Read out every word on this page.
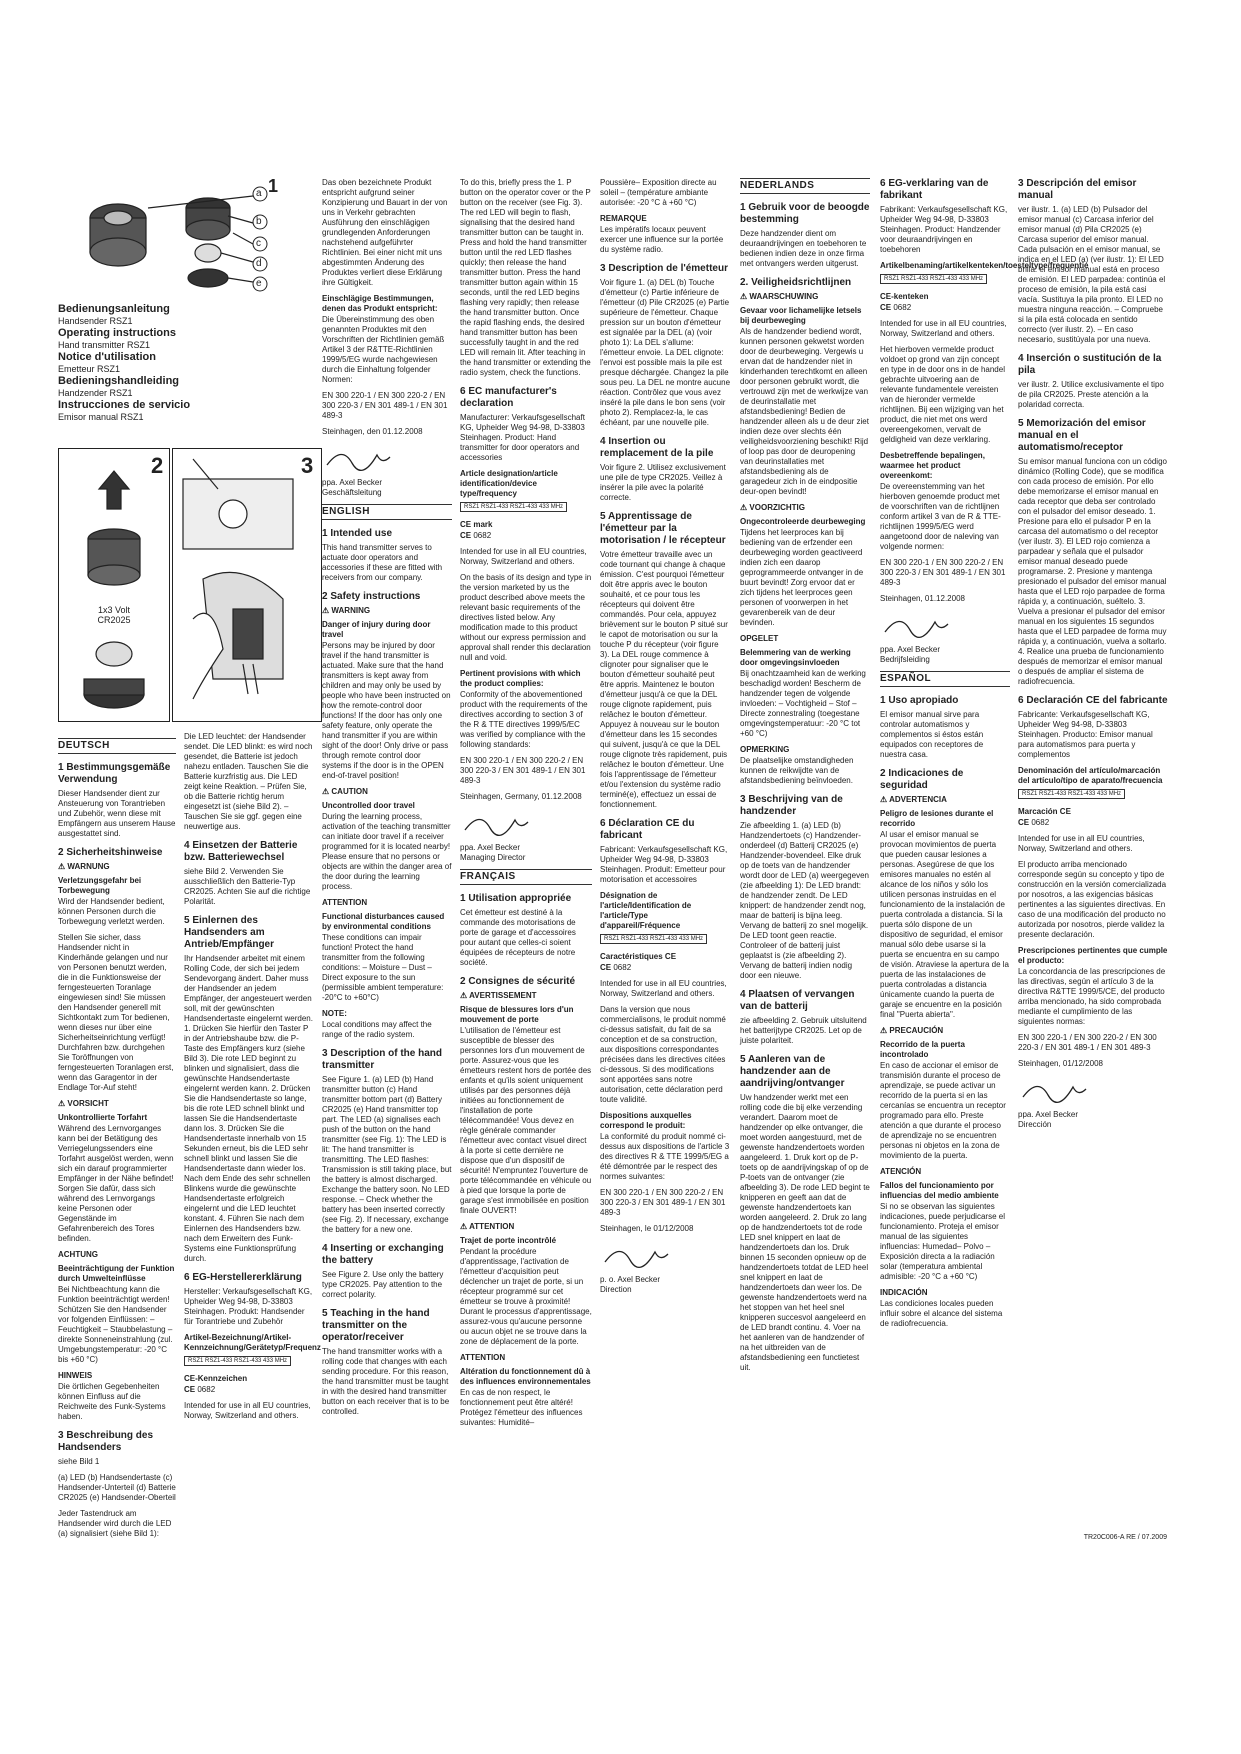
1
a
b
c
d
e
Bedienungsanleitung
Handsender RSZ1
Operating instructions
Hand transmitter RSZ1
Notice d'utilisation
Emetteur RSZ1
Bedieningshandleiding
Handzender RSZ1
Instrucciones de servicio
Emisor manual RSZ1
2
1x3 Volt
CR2025
3
DEUTSCH
1 Bestimmungsgemäße Verwendung

Dieser Handsender dient zur Ansteuerung von Torantrieben und Zubehör, wenn diese mit Empfängern aus unserem Hause ausgestattet sind.

2 Sicherheitshinweise
⚠ WARNUNG
Verletzungsgefahr bei Torbewegung

Wird der Handsender bedient, können Personen durch die Torbewegung verletzt werden.

Stellen Sie sicher, dass Handsender nicht in Kinderhände gelangen und nur von Personen benutzt werden, die in die Funktionsweise der ferngesteuerten Toranlage eingewiesen sind! Sie müssen den Handsender generell mit Sichtkontakt zum Tor bedienen, wenn dieses nur über eine Sicherheitseinrichtung verfügt! Durchfahren bzw. durchgehen Sie Toröffnungen von ferngesteuerten Toranlagen erst, wenn das Garagentor in der Endlage Tor-Auf steht!

⚠ VORSICHT
Unkontrollierte Torfahrt

Während des Lernvorganges kann bei der Betätigung des Verriegelungssenders eine Torfahrt ausgelöst werden, wenn sich ein darauf programmierter Empfänger in der Nähe befindet! Sorgen Sie dafür, dass sich während des Lernvorgangs keine Personen oder Gegenstände im Gefahrenbereich des Tores befinden.

ACHTUNG
Beeinträchtigung der Funktion durch Umwelteinflüsse

Bei Nichtbeachtung kann die Funktion beeinträchtigt werden! Schützen Sie den Handsender vor folgenden Einflüssen: – Feuchtigkeit – Staubbelastung – direkte Sonneneinstrahlung (zul. Umgebungstemperatur: -20 °C bis +60 °C)

HINWEIS

Die örtlichen Gegebenheiten können Einfluss auf die Reichweite des Funk-Systems haben.

3 Beschreibung des Handsenders

siehe Bild 1

(a) LED (b) Handsendertaste (c) Handsender-Unterteil (d) Batterie CR2025 (e) Handsender-Oberteil

Jeder Tastendruck am Handsender wird durch die LED (a) signalisiert (siehe Bild 1):

Die LED leuchtet: der Handsender sendet. Die LED blinkt: es wird noch gesendet, die Batterie ist jedoch nahezu entladen. Tauschen Sie die Batterie kurzfristig aus. Die LED zeigt keine Reaktion. – Prüfen Sie, ob die Batterie richtig herum eingesetzt ist (siehe Bild 2). – Tauschen Sie sie ggf. gegen eine neuwertige aus.

4 Einsetzen der Batterie bzw. Batteriewechsel

siehe Bild 2. Verwenden Sie ausschließlich den Batterie-Typ CR2025. Achten Sie auf die richtige Polarität.

5 Einlernen des Handsenders am Antrieb/Empfänger

Ihr Handsender arbeitet mit einem Rolling Code, der sich bei jedem Sendevorgang ändert. Daher muss der Handsender an jedem Empfänger, der angesteuert werden soll, mit der gewünschten Handsendertaste eingelernt werden. 1. Drücken Sie hierfür den Taster P in der Antriebshaube bzw. die P-Taste des Empfängers kurz (siehe Bild 3). Die rote LED beginnt zu blinken und signalisiert, dass die gewünschte Handsendertaste eingelernt werden kann. 2. Drücken Sie die Handsendertaste so lange, bis die rote LED schnell blinkt und lassen Sie die Handsendertaste dann los. 3. Drücken Sie die Handsendertaste innerhalb von 15 Sekunden erneut, bis die LED sehr schnell blinkt und lassen Sie die Handsendertaste dann wieder los. Nach dem Ende des sehr schnellen Blinkens wurde die gewünschte Handsendertaste erfolgreich eingelernt und die LED leuchtet konstant. 4. Führen Sie nach dem Einlernen des Handsenders bzw. nach dem Erweitern des Funk-Systems eine Funktionsprüfung durch.

6 EG-Herstellererklärung

Hersteller: Verkaufsgesellschaft KG, Upheider Weg 94-98, D-33803 Steinhagen. Produkt: Handsender für Torantriebe und Zubehör

Artikel-Bezeichnung/Artikel-Kennzeichnung/Gerätetyp/Frequenz
RSZ1 RSZ1-433 RSZ1-433 433 MHz
CE-Kennzeichen

CE 0682

Intended for use in all EU countries, Norway, Switzerland and others.

Das oben bezeichnete Produkt entspricht aufgrund seiner Konzipierung und Bauart in der von uns in Verkehr gebrachten Ausführung den einschlägigen grundlegenden Anforderungen nachstehend aufgeführter Richtlinien. Bei einer nicht mit uns abgestimmten Änderung des Produktes verliert diese Erklärung ihre Gültigkeit.

Einschlägige Bestimmungen, denen das Produkt entspricht:

Die Übereinstimmung des oben genannten Produktes mit den Vorschriften der Richtlinien gemäß Artikel 3 der R&TTE-Richtlinien 1999/5/EG wurde nachgewiesen durch die Einhaltung folgender Normen:

EN 300 220-1 / EN 300 220-2 / EN 300 220-3 / EN 301 489-1 / EN 301 489-3

Steinhagen, den 01.12.2008

ppa. Axel Becker

Geschäftsleitung

ENGLISH
1 Intended use

This hand transmitter serves to actuate door operators and accessories if these are fitted with receivers from our company.

2 Safety instructions
⚠ WARNING
Danger of injury during door travel

Persons may be injured by door travel if the hand transmitter is actuated. Make sure that the hand transmitters is kept away from children and may only be used by people who have been instructed on how the remote-control door functions! If the door has only one safety feature, only operate the hand transmitter if you are within sight of the door! Only drive or pass through remote control door systems if the door is in the OPEN end-of-travel position!

⚠ CAUTION
Uncontrolled door travel

During the learning process, activation of the teaching transmitter can initiate door travel if a receiver programmed for it is located nearby! Please ensure that no persons or objects are within the danger area of the door during the learning process.

ATTENTION
Functional disturbances caused by environmental conditions

These conditions can impair function! Protect the hand transmitter from the following conditions: – Moisture – Dust – Direct exposure to the sun (permissible ambient temperature: -20°C to +60°C)

NOTE:

Local conditions may affect the range of the radio system.

3 Description of the hand transmitter

See Figure 1. (a) LED (b) Hand transmitter button (c) Hand transmitter bottom part (d) Battery CR2025 (e) Hand transmitter top part. The LED (a) signalises each push of the button on the hand transmitter (see Fig. 1): The LED is lit: The hand transmitter is transmitting. The LED flashes: Transmission is still taking place, but the battery is almost discharged. Exchange the battery soon. No LED response. – Check whether the battery has been inserted correctly (see Fig. 2). If necessary, exchange the battery for a new one.

4 Inserting or exchanging the battery

See Figure 2. Use only the battery type CR2025. Pay attention to the correct polarity.

5 Teaching in the hand transmitter on the operator/receiver

The hand transmitter works with a rolling code that changes with each sending procedure. For this reason, the hand transmitter must be taught in with the desired hand transmitter button on each receiver that is to be controlled.

To do this, briefly press the 1. P button on the operator cover or the P button on the receiver (see Fig. 3). The red LED will begin to flash, signalising that the desired hand transmitter button can be taught in. Press and hold the hand transmitter button until the red LED flashes quickly; then release the hand transmitter button. Press the hand transmitter button again within 15 seconds, until the red LED begins flashing very rapidly; then release the hand transmitter button. Once the rapid flashing ends, the desired hand transmitter button has been successfully taught in and the red LED will remain lit. After teaching in the hand transmitter or extending the radio system, check the functions.

6 EC manufacturer's declaration

Manufacturer: Verkaufsgesellschaft KG, Upheider Weg 94-98, D-33803 Steinhagen. Product: Hand transmitter for door operators and accessories

Article designation/article identification/device type/frequency
RSZ1 RSZ1-433 RSZ1-433 433 MHz
CE mark

CE 0682

Intended for use in all EU countries, Norway, Switzerland and others.

On the basis of its design and type in the version marketed by us the product described above meets the relevant basic requirements of the directives listed below. Any modification made to this product without our express permission and approval shall render this declaration null and void.

Pertinent provisions with which the product complies:

Conformity of the abovementioned product with the requirements of the directives according to section 3 of the R & TTE directives 1999/5/EC was verified by compliance with the following standards:

EN 300 220-1 / EN 300 220-2 / EN 300 220-3 / EN 301 489-1 / EN 301 489-3

Steinhagen, Germany, 01.12.2008

ppa. Axel Becker

Managing Director

FRANÇAIS
1 Utilisation appropriée

Cet émetteur est destiné à la commande des motorisations de porte de garage et d'accessoires pour autant que celles-ci soient équipées de récepteurs de notre société.

2 Consignes de sécurité
⚠ AVERTISSEMENT
Risque de blessures lors d'un mouvement de porte

L'utilisation de l'émetteur est susceptible de blesser des personnes lors d'un mouvement de porte. Assurez-vous que les émetteurs restent hors de portée des enfants et qu'ils soient uniquement utilisés par des personnes déjà initiées au fonctionnement de l'installation de porte télécommandée! Vous devez en règle générale commander l'émetteur avec contact visuel direct à la porte si cette dernière ne dispose que d'un dispositif de sécurité! N'empruntez l'ouverture de porte télécommandée en véhicule ou à pied que lorsque la porte de garage s'est immobilisée en position finale OUVERT!

⚠ ATTENTION
Trajet de porte incontrôlé

Pendant la procédure d'apprentissage, l'activation de l'émetteur d'acquisition peut déclencher un trajet de porte, si un récepteur programmé sur cet émetteur se trouve à proximité! Durant le processus d'apprentissage, assurez-vous qu'aucune personne ou aucun objet ne se trouve dans la zone de déplacement de la porte.

ATTENTION
Altération du fonctionnement dû à des influences environnementales

En cas de non respect, le fonctionnement peut être altéré! Protégez l'émetteur des influences suivantes: Humidité–

Poussière– Exposition directe au soleil – (température ambiante autorisée: -20 °C à +60 °C)

REMARQUE

Les impératifs locaux peuvent exercer une influence sur la portée du système radio.

3 Description de l'émetteur

Voir figure 1. (a) DEL (b) Touche d'émetteur (c) Partie inférieure de l'émetteur (d) Pile CR2025 (e) Partie supérieure de l'émetteur. Chaque pression sur un bouton d'émetteur est signalée par la DEL (a) (voir photo 1): La DEL s'allume: l'émetteur envoie. La DEL clignote: l'envoi est possible mais la pile est presque déchargée. Changez la pile sous peu. La DEL ne montre aucune réaction. Contrôlez que vous avez inséré la pile dans le bon sens (voir photo 2). Remplacez-la, le cas échéant, par une nouvelle pile.

4 Insertion ou remplacement de la pile

Voir figure 2. Utilisez exclusivement une pile de type CR2025. Veillez à insérer la pile avec la polarité correcte.

5 Apprentissage de l'émetteur par la motorisation / le récepteur

Votre émetteur travaille avec un code tournant qui change à chaque émission. C'est pourquoi l'émetteur doit être appris avec le bouton souhaité, et ce pour tous les récepteurs qui doivent être commandés. Pour cela, appuyez brièvement sur le bouton P situé sur le capot de motorisation ou sur la touche P du récepteur (voir figure 3). La DEL rouge commence à clignoter pour signaliser que le bouton d'émetteur souhaité peut être appris. Maintenez le bouton d'émetteur jusqu'à ce que la DEL rouge clignote rapidement, puis relâchez le bouton d'émetteur. Appuyez à nouveau sur le bouton d'émetteur dans les 15 secondes qui suivent, jusqu'à ce que la DEL rouge clignote très rapidement, puis relâchez le bouton d'émetteur. Une fois l'apprentissage de l'émetteur et/ou l'extension du système radio terminé(e), effectuez un essai de fonctionnement.

6 Déclaration CE du fabricant

Fabricant: Verkaufsgesellschaft KG, Upheider Weg 94-98, D-33803 Steinhagen. Produit: Emetteur pour motorisation et accessoires

Désignation de l'article/Identification de l'article/Type d'appareil/Fréquence
RSZ1 RSZ1-433 RSZ1-433 433 MHz
Caractéristiques CE

CE 0682

Intended for use in all EU countries, Norway, Switzerland and others.

Dans la version que nous commercialisons, le produit nommé ci-dessus satisfait, du fait de sa conception et de sa construction, aux dispositions correspondantes précisées dans les directives citées ci-dessous. Si des modifications sont apportées sans notre autorisation, cette déclaration perd toute validité.

Dispositions auxquelles correspond le produit:

La conformité du produit nommé ci-dessus aux dispositions de l'article 3 des directives R & TTE 1999/5/EG a été démontrée par le respect des normes suivantes:

EN 300 220-1 / EN 300 220-2 / EN 300 220-3 / EN 301 489-1 / EN 301 489-3

Steinhagen, le 01/12/2008

p. o. Axel Becker

Direction

NEDERLANDS
1 Gebruik voor de beoogde bestemming

Deze handzender dient om deuraandrijvingen en toebehoren te bedienen indien deze in onze firma met ontvangers werden uitgerust.

2. Veiligheidsrichtlijnen
⚠ WAARSCHUWING
Gevaar voor lichamelijke letsels bij deurbeweging

Als de handzender bediend wordt, kunnen personen gekwetst worden door de deurbeweging. Vergewis u ervan dat de handzender niet in kinderhanden terechtkomt en alleen door personen gebruikt wordt, die vertrouwd zijn met de werkwijze van de deurinstallatie met afstandsbediening! Bedien de handzender alleen als u de deur ziet indien deze over slechts één veiligheidsvoorziening beschikt! Rijd of loop pas door de deuropening van deurinstallaties met afstandsbediening als de garagedeur zich in de eindpositie deur-open bevindt!

⚠ VOORZICHTIG
Ongecontroleerde deurbeweging

Tijdens het leerproces kan bij bediening van de erfzender een deurbeweging worden geactiveerd indien zich een daarop geprogrammeerde ontvanger in de buurt bevindt! Zorg ervoor dat er zich tijdens het leerproces geen personen of voorwerpen in het gevarenbereik van de deur bevinden.

OPGELET
Belemmering van de werking door omgevingsinvloeden

Bij onachtzaamheid kan de werking beschadigd worden! Bescherm de handzender tegen de volgende invloeden: – Vochtigheid – Stof – Directe zonnestraling (toegestane omgevingstemperatuur: -20 °C tot +60 °C)

OPMERKING

De plaatselijke omstandigheden kunnen de reikwijdte van de afstandsbediening beïnvloeden.

3 Beschrijving van de handzender

Zie afbeelding 1. (a) LED (b) Handzendertoets (c) Handzender-onderdeel (d) Batterij CR2025 (e) Handzender-bovendeel. Elke druk op de toets van de handzender wordt door de LED (a) weergegeven (zie afbeelding 1): De LED brandt: de handzender zendt. De LED knippert: de handzender zendt nog, maar de batterij is bijna leeg. Vervang de batterij zo snel mogelijk. De LED toont geen reactie. Controleer of de batterij juist geplaatst is (zie afbeelding 2). Vervang de batterij indien nodig door een nieuwe.

4 Plaatsen of vervangen van de batterij

zie afbeelding 2. Gebruik uitsluitend het batterijtype CR2025. Let op de juiste polariteit.

5 Aanleren van de handzender aan de aandrijving/ontvanger

Uw handzender werkt met een rolling code die bij elke verzending verandert. Daarom moet de handzender op elke ontvanger, die moet worden aangestuurd, met de gewenste handzendertoets worden aangeleerd. 1. Druk kort op de P-toets op de aandrijvingskap of op de P-toets van de ontvanger (zie afbeelding 3). De rode LED begint te knipperen en geeft aan dat de gewenste handzendertoets kan worden aangeleerd. 2. Druk zo lang op de handzendertoets tot de rode LED snel knippert en laat de handzendertoets dan los. Druk binnen 15 seconden opnieuw op de handzendertoets totdat de LED heel snel knippert en laat de handzendertoets dan weer los. De gewenste handzendertoets werd na het stoppen van het heel snel knipperen succesvol aangeleerd en de LED brandt continu. 4. Voer na het aanleren van de handzender of na het uitbreiden van de afstandsbediening een functietest uit.

6 EG-verklaring van de fabrikant

Fabrikant: Verkaufsgesellschaft KG, Upheider Weg 94-98, D-33803 Steinhagen. Product: Handzender voor deuraandrijvingen en toebehoren

Artikelbenaming/artikelkenteken/toesteltype/frequentie
RSZ1 RSZ1-433 RSZ1-433 433 MHz
CE-kenteken

CE 0682

Intended for use in all EU countries, Norway, Switzerland and others.

Het hierboven vermelde product voldoet op grond van zijn concept en type in de door ons in de handel gebrachte uitvoering aan de relevante fundamentele vereisten van de hieronder vermelde richtlijnen. Bij een wijziging van het product, die niet met ons werd overeengekomen, vervalt de geldigheid van deze verklaring.

Desbetreffende bepalingen, waarmee het product overeenkomt:

De overeenstemming van het hierboven genoemde product met de voorschriften van de richtlijnen conform artikel 3 van de R & TTE-richtlijnen 1999/5/EG werd aangetoond door de naleving van volgende normen:

EN 300 220-1 / EN 300 220-2 / EN 300 220-3 / EN 301 489-1 / EN 301 489-3

Steinhagen, 01.12.2008

ppa. Axel Becker

Bedrijfsleiding

ESPAÑOL
1 Uso apropiado

El emisor manual sirve para controlar automatismos y complementos si éstos están equipados con receptores de nuestra casa.

2 Indicaciones de seguridad
⚠ ADVERTENCIA
Peligro de lesiones durante el recorrido

Al usar el emisor manual se provocan movimientos de puerta que pueden causar lesiones a personas. Asegúrese de que los emisores manuales no estén al alcance de los niños y sólo los utilicen personas instruidas en el funcionamiento de la instalación de puerta controlada a distancia. Si la puerta sólo dispone de un dispositivo de seguridad, el emisor manual sólo debe usarse si la puerta se encuentra en su campo de visión. Atraviese la apertura de la puerta de las instalaciones de puerta controladas a distancia únicamente cuando la puerta de garaje se encuentre en la posición final "Puerta abierta".

⚠ PRECAUCIÓN
Recorrido de la puerta incontrolado

En caso de accionar el emisor de transmisión durante el proceso de aprendizaje, se puede activar un recorrido de la puerta si en las cercanías se encuentra un receptor programado para ello. Preste atención a que durante el proceso de aprendizaje no se encuentren personas ni objetos en la zona de movimiento de la puerta.

ATENCIÓN
Fallos del funcionamiento por influencias del medio ambiente

Si no se observan las siguientes indicaciones, puede perjudicarse el funcionamiento. Proteja el emisor manual de las siguientes influencias: Humedad– Polvo – Exposición directa a la radiación solar (temperatura ambiental admisible: -20 °C a +60 °C)

INDICACIÓN

Las condiciones locales pueden influir sobre el alcance del sistema de radiofrecuencia.

3 Descripción del emisor manual

ver ilustr. 1. (a) LED (b) Pulsador del emisor manual (c) Carcasa inferior del emisor manual (d) Pila CR2025 (e) Carcasa superior del emisor manual. Cada pulsación en el emisor manual, se indica en el LED (a) (ver ilustr. 1): El LED brilla: el emisor manual está en proceso de emisión. El LED parpadea: continúa el proceso de emisión, la pila está casi vacía. Sustituya la pila pronto. El LED no muestra ninguna reacción. – Compruebe si la pila está colocada en sentido correcto (ver ilustr. 2). – En caso necesario, sustitúyala por una nueva.

4 Inserción o sustitución de la pila

ver ilustr. 2. Utilice exclusivamente el tipo de pila CR2025. Preste atención a la polaridad correcta.

5 Memorización del emisor manual en el automatismo/receptor

Su emisor manual funciona con un código dinámico (Rolling Code), que se modifica con cada proceso de emisión. Por ello debe memorizarse el emisor manual en cada receptor que deba ser controlado con el pulsador del emisor deseado. 1. Presione para ello el pulsador P en la carcasa del automatismo o del receptor (ver ilustr. 3). El LED rojo comienza a parpadear y señala que el pulsador emisor manual deseado puede programarse. 2. Presione y mantenga presionado el pulsador del emisor manual hasta que el LED rojo parpadee de forma rápida y, a continuación, suéltelo. 3. Vuelva a presionar el pulsador del emisor manual en los siguientes 15 segundos hasta que el LED parpadee de forma muy rápida y, a continuación, vuelva a soltarlo. 4. Realice una prueba de funcionamiento después de memorizar el emisor manual o después de ampliar el sistema de radiofrecuencia.

6 Declaración CE del fabricante

Fabricante: Verkaufsgesellschaft KG, Upheider Weg 94-98, D-33803 Steinhagen. Producto: Emisor manual para automatismos para puerta y complementos

Denominación del artículo/marcación del artículo/tipo de aparato/frecuencia
RSZ1 RSZ1-433 RSZ1-433 433 MHz
Marcación CE

CE 0682

Intended for use in all EU countries, Norway, Switzerland and others.

El producto arriba mencionado corresponde según su concepto y tipo de construcción en la versión comercializada por nosotros, a las exigencias básicas pertinentes a las siguientes directivas. En caso de una modificación del producto no autorizada por nosotros, pierde validez la presente declaración.

Prescripciones pertinentes que cumple el producto:

La concordancia de las prescripciones de las directivas, según el artículo 3 de la directiva R&TTE 1999/5/CE, del producto arriba mencionado, ha sido comprobada mediante el cumplimiento de las siguientes normas:

EN 300 220-1 / EN 300 220-2 / EN 300 220-3 / EN 301 489-1 / EN 301 489-3

Steinhagen, 01/12/2008

ppa. Axel Becker

Dirección

TR20C006-A RE / 07.2009
